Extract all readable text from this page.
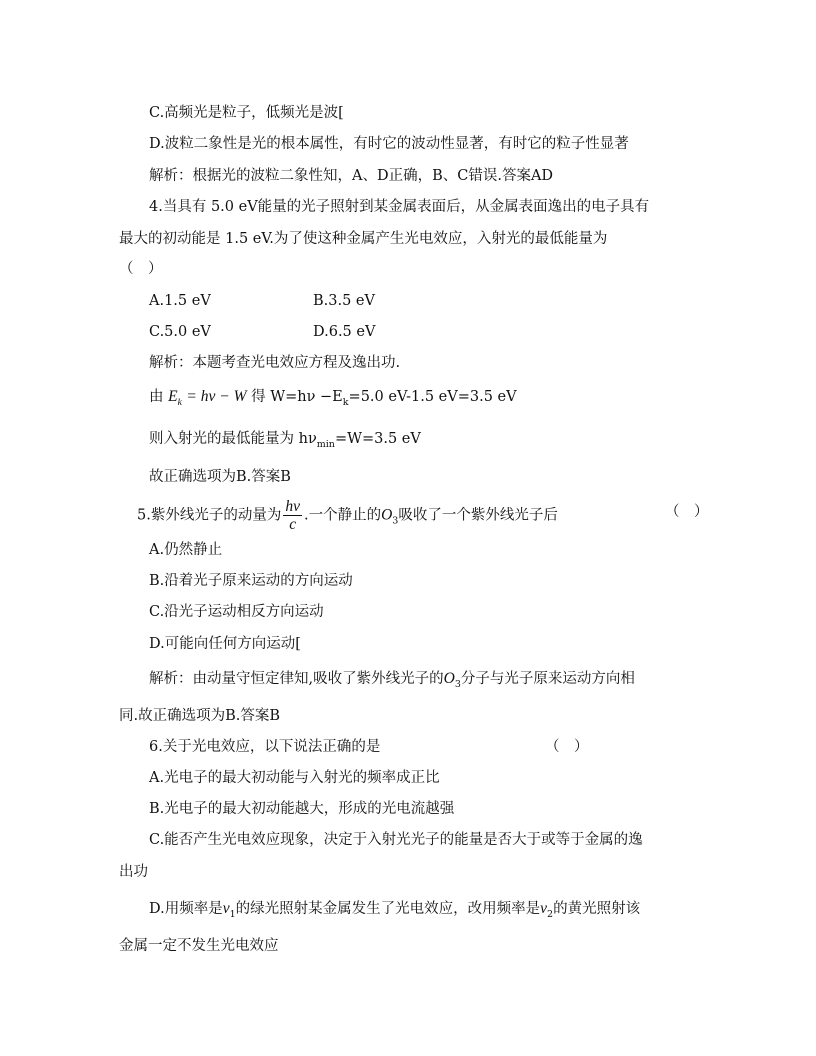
C.高频光是粒子，低频光是波[
D.波粒二象性是光的根本属性，有时它的波动性显著，有时它的粒子性显著
解析：根据光的波粒二象性知，A、D正确，B、C错误.答案AD
4.当具有 5.0 eV能量的光子照射到某金属表面后，从金属表面逸出的电子具有
最大的初动能是 1.5 eV.为了使这种金属产生光电效应，入射光的最低能量为
（　）
A.1.5 eV	B.3.5 eV
C.5.0 eV	D.6.5 eV
解析：本题考查光电效应方程及逸出功.
由 $E_k = h\nu - W$ 得 $W=h\nu -E_k=5.0$ eV-1.5 eV=3.5 eV
则入射光的最低能量为 $h\nu_{min}=W=3.5$ eV
故正确选项为B.答案B
5.紫外线光子的动量为 $\frac{h\nu}{c}$ .一个静止的$O_3$吸收了一个紫外线光子后	（　）
A.仍然静止
B.沿着光子原来运动的方向运动
C.沿光子运动相反方向运动
D.可能向任何方向运动[
解析：由动量守恒定律知,吸收了紫外线光子的$O_3$分子与光子原来运动方向相
同.故正确选项为B.答案B
6.关于光电效应，以下说法正确的是	（　）
A.光电子的最大初动能与入射光的频率成正比
B.光电子的最大初动能越大，形成的光电流越强
C.能否产生光电效应现象，决定于入射光光子的能量是否大于或等于金属的逸
出功
D.用频率是$\nu_1$的绿光照射某金属发生了光电效应，改用频率是$\nu_2$的黄光照射该
金属一定不发生光电效应
